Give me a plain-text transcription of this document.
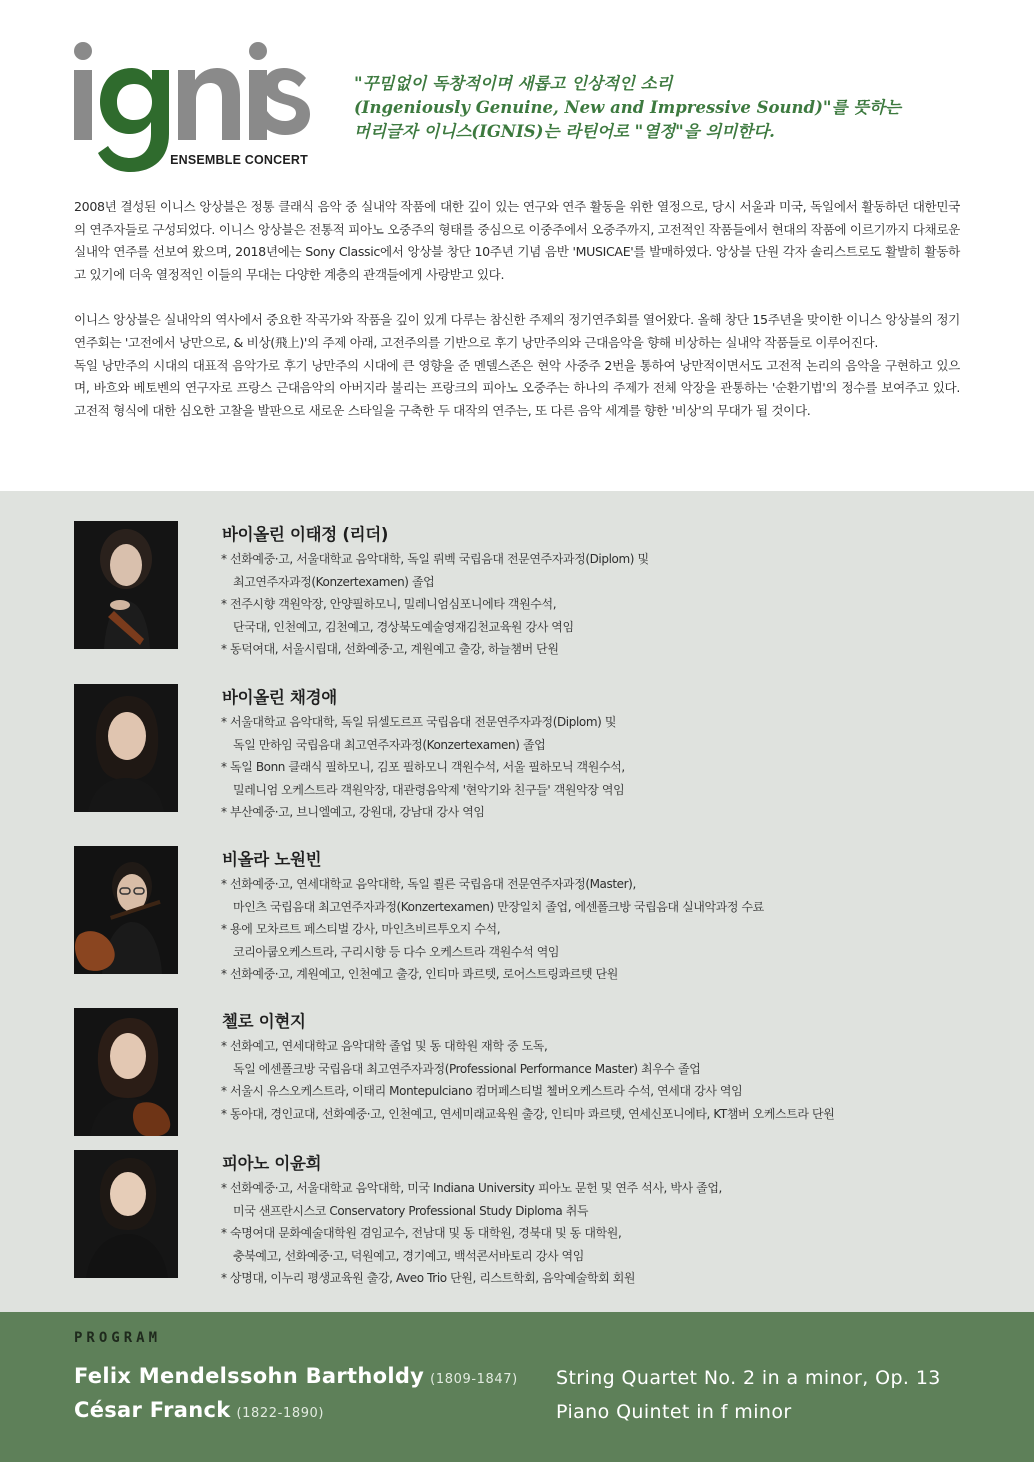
ENSEMBLE CONCERT
"꾸밈없이 독창적이며 새롭고 인상적인 소리
(Ingeniously Genuine, New and Impressive Sound)"를 뜻하는
머리글자 이니스(IGNIS)는 라틴어로 "열정"을 의미한다.

2008년 결성된 이니스 앙상블은 정통 클래식 음악 중 실내악 작품에 대한 깊이 있는 연구와 연주 활동을 위한 열정으로, 당시 서울과 미국, 독일에서 활동하던 대한민국의 연주자들로 구성되었다. 이니스 앙상블은 전통적 피아노 오중주의 형태를 중심으로 이중주에서 오중주까지, 고전적인 작품들에서 현대의 작품에 이르기까지 다채로운 실내악 연주를 선보여 왔으며, 2018년에는 Sony Classic에서 앙상블 창단 10주년 기념 음반 'MUSICAE'를 발매하였다. 앙상블 단원 각자 솔리스트로도 활발히 활동하고 있기에 더욱 열정적인 이들의 무대는 다양한 계층의 관객들에게 사랑받고 있다.

이니스 앙상블은 실내악의 역사에서 중요한 작곡가와 작품을 깊이 있게 다루는 참신한 주제의 정기연주회를 열어왔다. 올해 창단 15주년을 맞이한 이니스 앙상블의 정기연주회는 '고전에서 낭만으로, & 비상(飛上)'의 주제 아래, 고전주의를 기반으로 후기 낭만주의와 근대음악을 향해 비상하는 실내악 작품들로 이루어진다.

독일 낭만주의 시대의 대표적 음악가로 후기 낭만주의 시대에 큰 영향을 준 멘델스존은 현악 사중주 2번을 통하여 낭만적이면서도 고전적 논리의 음악을 구현하고 있으며, 바흐와 베토벤의 연구자로 프랑스 근대음악의 아버지라 불리는 프랑크의 피아노 오중주는 하나의 주제가 전체 악장을 관통하는 '순환기법'의 정수를 보여주고 있다. 고전적 형식에 대한 심오한 고찰을 발판으로 새로운 스타일을 구축한 두 대작의 연주는, 또 다른 음악 세계를 향한 '비상'의 무대가 될 것이다.

바이올린 이태정 (리더)
* 선화예중·고, 서울대학교 음악대학, 독일 뤼벡 국립음대 전문연주자과정(Diplom) 및
최고연주자과정(Konzertexamen) 졸업
* 전주시향 객원악장, 안양필하모니, 밀레니엄심포니에타 객원수석,
단국대, 인천예고, 김천예고, 경상북도예술영재김천교육원 강사 역임
* 동덕여대, 서울시립대, 선화예중·고, 계원예고 출강, 하늘챔버 단원
바이올린 채경애
* 서울대학교 음악대학, 독일 뒤셀도르프 국립음대 전문연주자과정(Diplom) 및
독일 만하임 국립음대 최고연주자과정(Konzertexamen) 졸업
* 독일 Bonn 클래식 필하모니, 김포 필하모니 객원수석, 서울 필하모닉 객원수석,
밀레니엄 오케스트라 객원악장, 대관령음악제 '현악기와 친구들' 객원악장 역임
* 부산예중·고, 브니엘예고, 강원대, 강남대 강사 역임
비올라 노원빈
* 선화예중·고, 연세대학교 음악대학, 독일 쾰른 국립음대 전문연주자과정(Master),
마인츠 국립음대 최고연주자과정(Konzertexamen) 만장일치 졸업, 에센폴크방 국립음대 실내악과정 수료
* 용에 모차르트 페스티벌 강사, 마인츠비르투오지 수석,
코리아쿱오케스트라, 구리시향 등 다수 오케스트라 객원수석 역임
* 선화예중·고, 계원예고, 인천예고 출강, 인티마 콰르텟, 로어스트링콰르텟 단원
첼로 이현지
* 선화예고, 연세대학교 음악대학 졸업 및 동 대학원 재학 중 도독,
독일 에센폴크방 국립음대 최고연주자과정(Professional Performance Master) 최우수 졸업
* 서울시 유스오케스트라, 이태리 Montepulciano 컴머페스티벌 첼버오케스트라 수석, 연세대 강사 역임
* 동아대, 경인교대, 선화예중·고, 인천예고, 연세미래교육원 출강, 인티마 콰르텟, 연세신포니에타, KT챔버 오케스트라 단원
피아노 이윤희
* 선화예중·고, 서울대학교 음악대학, 미국 Indiana University 피아노 문헌 및 연주 석사, 박사 졸업,
미국 샌프란시스코 Conservatory Professional Study Diploma 취득
* 숙명여대 문화예술대학원 겸임교수, 전남대 및 동 대학원, 경북대 및 동 대학원,
충북예고, 선화예중·고, 덕원예고, 경기예고, 백석콘서바토리 강사 역임
* 상명대, 이누리 평생교육원 출강, Aveo Trio 단원, 리스트학회, 음악예술학회 회원
PROGRAM
Felix Mendelssohn Bartholdy (1809-1847) String Quartet No. 2 in a minor, Op. 13
César Franck (1822-1890)	Piano Quintet in f minor
